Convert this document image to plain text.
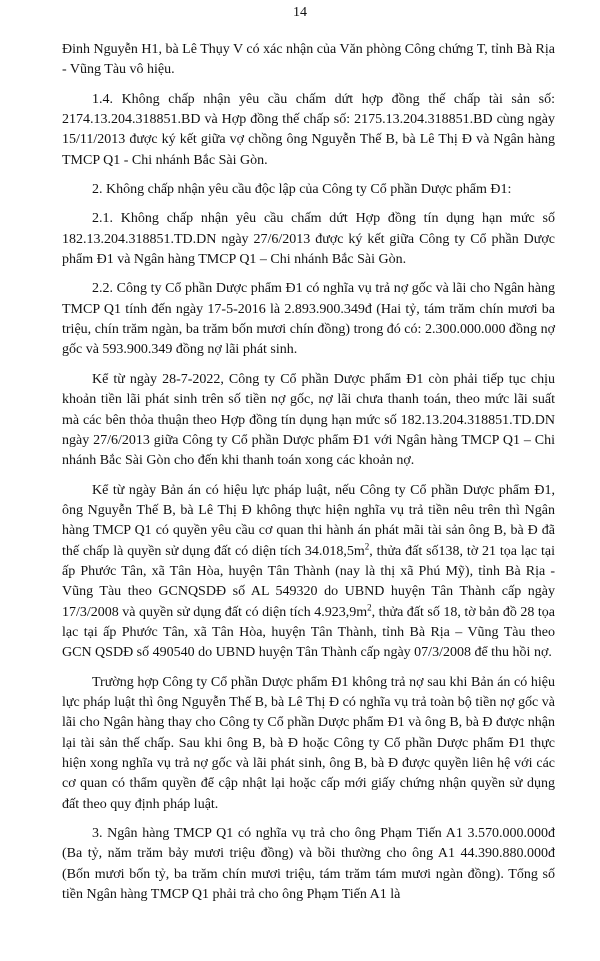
14

Đinh Nguyễn H1, bà Lê Thụy V có xác nhận của Văn phòng Công chứng T, tỉnh Bà Rịa - Vũng Tàu vô hiệu.

1.4. Không chấp nhận yêu cầu chấm dứt hợp đồng thế chấp tài sản số: 2174.13.204.318851.BD và Hợp đồng thế chấp số: 2175.13.204.318851.BD cùng ngày 15/11/2013 được ký kết giữa vợ chồng ông Nguyễn Thế B, bà Lê Thị Đ và Ngân hàng TMCP Q1 - Chi nhánh Bắc Sài Gòn.

2. Không chấp nhận yêu cầu độc lập của Công ty Cổ phần Dược phẩm Đ1:

2.1. Không chấp nhận yêu cầu chấm dứt Hợp đồng tín dụng hạn mức số 182.13.204.318851.TD.DN ngày 27/6/2013 được ký kết giữa Công ty Cổ phần Dược phẩm Đ1 và Ngân hàng TMCP Q1 – Chi nhánh Bắc Sài Gòn.

2.2. Công ty Cổ phần Dược phẩm Đ1 có nghĩa vụ trả nợ gốc và lãi cho Ngân hàng TMCP Q1 tính đến ngày 17-5-2016 là 2.893.900.349đ (Hai tỷ, tám trăm chín mươi ba triệu, chín trăm ngàn, ba trăm bốn mươi chín đồng) trong đó có: 2.300.000.000 đồng nợ gốc và 593.900.349 đồng nợ lãi phát sinh.

Kể từ ngày 28-7-2022, Công ty Cổ phần Dược phẩm Đ1 còn phải tiếp tục chịu khoản tiền lãi phát sinh trên số tiền nợ gốc, nợ lãi chưa thanh toán, theo mức lãi suất mà các bên thỏa thuận theo Hợp đồng tín dụng hạn mức số 182.13.204.318851.TD.DN ngày 27/6/2013 giữa Công ty Cổ phần Dược phẩm Đ1 với Ngân hàng TMCP Q1 – Chi nhánh Bắc Sài Gòn cho đến khi thanh toán xong các khoản nợ.

Kể từ ngày Bản án có hiệu lực pháp luật, nếu Công ty Cổ phần Dược phẩm Đ1, ông Nguyễn Thế B, bà Lê Thị Đ không thực hiện nghĩa vụ trả tiền nêu trên thì Ngân hàng TMCP Q1 có quyền yêu cầu cơ quan thi hành án phát mãi tài sản ông B, bà Đ đã thế chấp là quyền sử dụng đất có diện tích $34.018,5m^2$, thửa đất số138, tờ 21 tọa lạc tại ấp Phước Tân, xã Tân Hòa, huyện Tân Thành (nay là thị xã Phú Mỹ), tỉnh Bà Rịa - Vũng Tàu theo GCNQSDĐ số AL 549320 do UBND huyện Tân Thành cấp ngày 17/3/2008 và quyền sử dụng đất có diện tích $4.923,9m^2$, thửa đất số 18, tờ bản đồ 28 tọa lạc tại ấp Phước Tân, xã Tân Hòa, huyện Tân Thành, tỉnh Bà Rịa – Vũng Tàu theo GCN QSDĐ số 490540 do UBND huyện Tân Thành cấp ngày 07/3/2008 để thu hồi nợ.

Trường hợp Công ty Cổ phần Dược phẩm Đ1 không trả nợ sau khi Bản án có hiệu lực pháp luật thì ông Nguyễn Thế B, bà Lê Thị Đ có nghĩa vụ trả toàn bộ tiền nợ gốc và lãi cho Ngân hàng thay cho Công ty Cổ phần Dược phẩm Đ1 và ông B, bà Đ được nhận lại tài sản thế chấp. Sau khi ông B, bà Đ hoặc Công ty Cổ phần Dược phẩm Đ1 thực hiện xong nghĩa vụ trả nợ gốc và lãi phát sinh, ông B, bà Đ được quyền liên hệ với các cơ quan có thẩm quyền để cập nhật lại hoặc cấp mới giấy chứng nhận quyền sử dụng đất theo quy định pháp luật.

3. Ngân hàng TMCP Q1 có nghĩa vụ trả cho ông Phạm Tiến A1 3.570.000.000đ (Ba tỷ, năm trăm bảy mươi triệu đồng) và bồi thường cho ông A1 44.390.880.000đ (Bốn mươi bốn tỷ, ba trăm chín mươi triệu, tám trăm tám mươi ngàn đồng). Tổng số tiền Ngân hàng TMCP Q1 phải trả cho ông Phạm Tiến A1 là
